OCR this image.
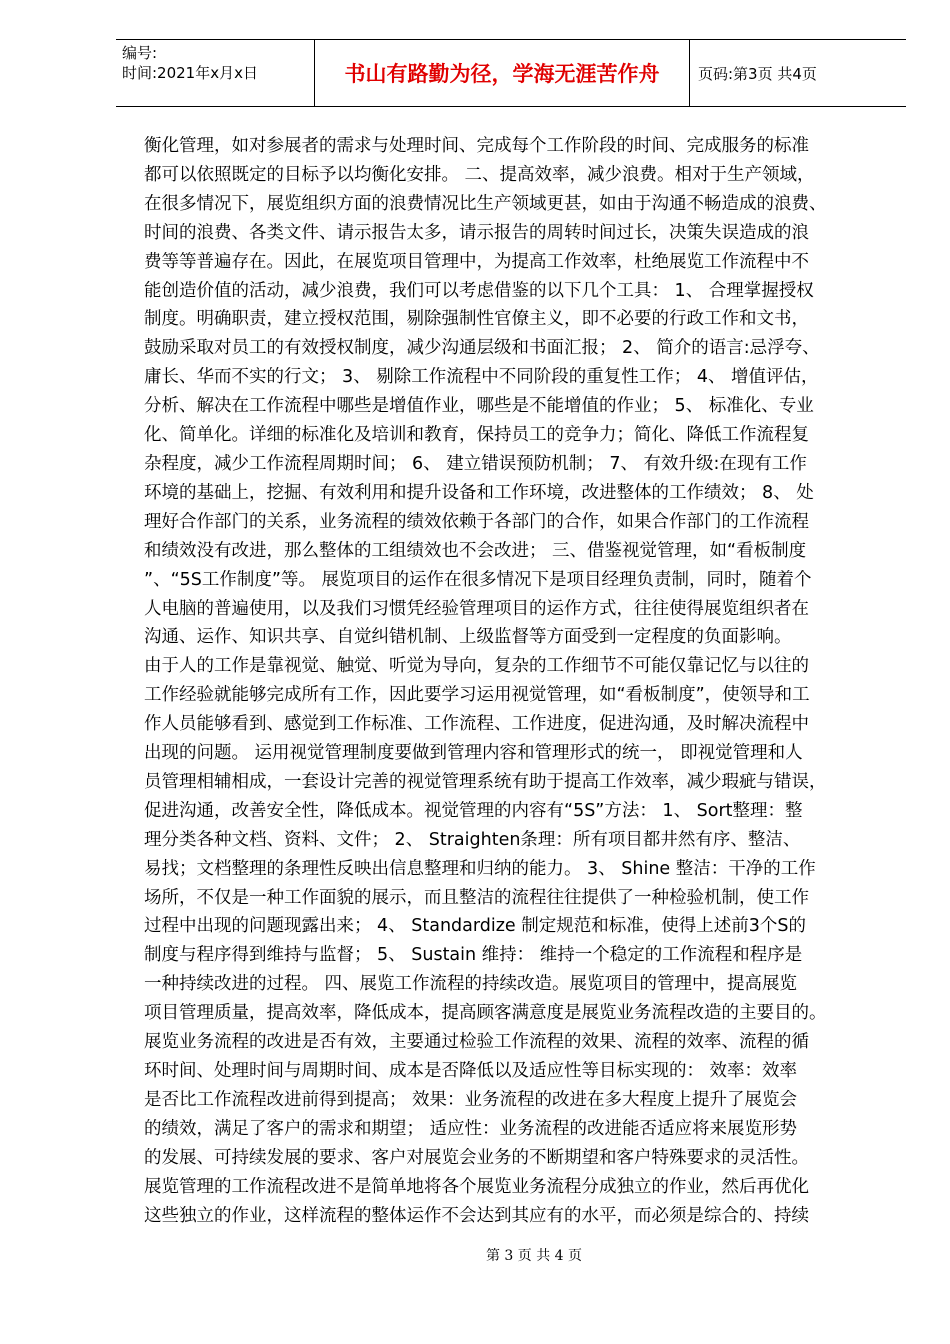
编号:
时间:2021年x月x日	书山有路勤为径，学海无涯苦作舟	页码:第3页 共4页

衡化管理，如对参展者的需求与处理时间、完成每个工作阶段的时间、完成服务的标准

都可以依照既定的目标予以均衡化安排。 二、提高效率，减少浪费。相对于生产领域，

在很多情况下，展览组织方面的浪费情况比生产领域更甚，如由于沟通不畅造成的浪费、

时间的浪费、各类文件、请示报告太多，请示报告的周转时间过长，决策失误造成的浪

费等等普遍存在。因此，在展览项目管理中，为提高工作效率，杜绝展览工作流程中不

能创造价值的活动，减少浪费，我们可以考虑借鉴的以下几个工具： 1、 合理掌握授权

制度。明确职责，建立授权范围，剔除强制性官僚主义，即不必要的行政工作和文书，

鼓励采取对员工的有效授权制度，减少沟通层级和书面汇报； 2、 简介的语言:忌浮夸、

庸长、华而不实的行文； 3、 剔除工作流程中不同阶段的重复性工作； 4、 增值评估，

分析、解决在工作流程中哪些是增值作业，哪些是不能增值的作业； 5、 标准化、专业

化、简单化。详细的标准化及培训和教育，保持员工的竞争力；简化、降低工作流程复

杂程度，减少工作流程周期时间； 6、 建立错误预防机制； 7、 有效升级:在现有工作

环境的基础上，挖掘、有效利用和提升设备和工作环境，改进整体的工作绩效； 8、 处

理好合作部门的关系，业务流程的绩效依赖于各部门的合作，如果合作部门的工作流程

和绩效没有改进，那么整体的工组绩效也不会改进； 三、借鉴视觉管理，如“看板制度

”、“5S工作制度”等。 展览项目的运作在很多情况下是项目经理负责制，同时，随着个

人电脑的普遍使用，以及我们习惯凭经验管理项目的运作方式，往往使得展览组织者在

沟通、运作、知识共享、自觉纠错机制、上级监督等方面受到一定程度的负面影响。

由于人的工作是靠视觉、触觉、听觉为导向，复杂的工作细节不可能仅靠记忆与以往的

工作经验就能够完成所有工作，因此要学习运用视觉管理，如“看板制度”，使领导和工

作人员能够看到、感觉到工作标准、工作流程、工作进度，促进沟通，及时解决流程中

出现的问题。 运用视觉管理制度要做到管理内容和管理形式的统一， 即视觉管理和人

员管理相辅相成，一套设计完善的视觉管理系统有助于提高工作效率，减少瑕疵与错误，

促进沟通，改善安全性，降低成本。视觉管理的内容有“5S”方法： 1、 Sort整理：整

理分类各种文档、资料、文件； 2、 Straighten条理：所有项目都井然有序、整洁、

易找；文档整理的条理性反映出信息整理和归纳的能力。 3、 Shine 整洁：干净的工作

场所，不仅是一种工作面貌的展示，而且整洁的流程往往提供了一种检验机制，使工作

过程中出现的问题现露出来； 4、 Standardize 制定规范和标准，使得上述前3个S的

制度与程序得到维持与监督； 5、 Sustain 维持： 维持一个稳定的工作流程和程序是

一种持续改进的过程。 四、展览工作流程的持续改造。展览项目的管理中，提高展览

项目管理质量，提高效率，降低成本，提高顾客满意度是展览业务流程改造的主要目的。

展览业务流程的改进是否有效，主要通过检验工作流程的效果、流程的效率、流程的循

环时间、处理时间与周期时间、成本是否降低以及适应性等目标实现的： 效率：效率

是否比工作流程改进前得到提高； 效果：业务流程的改进在多大程度上提升了展览会

的绩效，满足了客户的需求和期望； 适应性：业务流程的改进能否适应将来展览形势

的发展、可持续发展的要求、客户对展览会业务的不断期望和客户特殊要求的灵活性。

展览管理的工作流程改进不是简单地将各个展览业务流程分成独立的作业，然后再优化

这些独立的作业，这样流程的整体运作不会达到其应有的水平，而必须是综合的、持续

第 3 页 共 4 页
